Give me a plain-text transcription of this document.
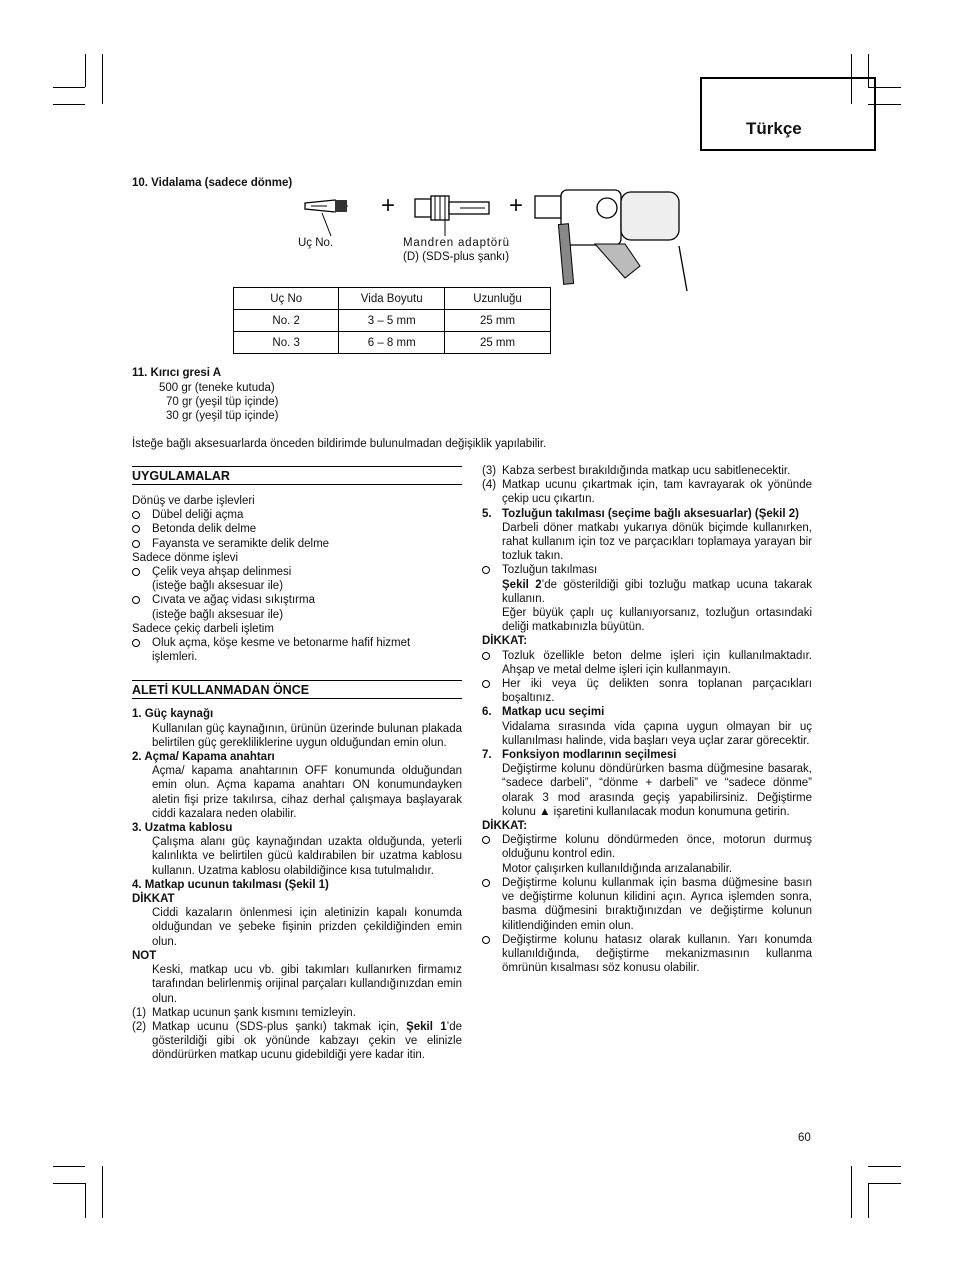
Türkçe
10. Vidalama (sadece dönme)
+	+
Uç No.	Mandren adaptörü
(D) (SDS-plus şankı)
Uç No	Vida Boyutu	Uzunluğu
No. 2	3 – 5 mm	25 mm
No. 3	6 – 8 mm	25 mm
11. Kırıcı gresi A
500 gr (teneke kutuda)
70 gr (yeşil tüp içinde)
30 gr (yeşil tüp içinde)
İsteğe bağlı aksesuarlarda önceden bildirimde bulunulmadan değişiklik yapılabilir.
UYGULAMALAR
Dönüş ve darbe işlevleri
Dübel deliği açma
Betonda delik delme
Fayansta ve seramikte delik delme
Sadece dönme işlevi
Çelik veya ahşap delinmesi
(isteğe bağlı aksesuar ile)
Cıvata ve ağaç vidası sıkıştırma
(isteğe bağlı aksesuar ile)
Sadece çekiç darbeli işletim
Oluk açma, köşe kesme ve betonarme hafif hizmet
işlemleri.
ALETİ KULLANMADAN ÖNCE
1. Güç kaynağı
Kullanılan güç kaynağının, ürünün üzerinde bulunan plakada belirtilen güç gerekliliklerine uygun olduğundan emin olun.
2. Açma/ Kapama anahtarı
Açma/ kapama anahtarının OFF konumunda olduğundan emin olun. Açma kapama anahtarı ON konumundayken aletin fişi prize takılırsa, cihaz derhal çalışmaya başlayarak ciddi kazalara neden olabilir.
3. Uzatma kablosu
Çalışma alanı güç kaynağından uzakta olduğunda, yeterli kalınlıkta ve belirtilen gücü kaldırabilen bir uzatma kablosu kullanın. Uzatma kablosu olabildiğince kısa tutulmalıdır.
4. Matkap ucunun takılması (Şekil 1)
DİKKAT
Ciddi kazaların önlenmesi için aletinizin kapalı konumda olduğundan ve şebeke fişinin prizden çekildiğinden emin olun.
NOT
Keski, matkap ucu vb. gibi takımları kullanırken firmamız tarafından belirlenmiş orijinal parçaları kullandığınızdan emin olun.
(1) Matkap ucunun şank kısmını temizleyin.
(2) Matkap ucunu (SDS-plus şankı) takmak için, Şekil 1’de gösterildiği gibi ok yönünde kabzayı çekin ve elinizle döndürürken matkap ucunu gidebildiği yere kadar itin.
(3) Kabza serbest bırakıldığında matkap ucu sabitlenecektir.
(4) Matkap ucunu çıkartmak için, tam kavrayarak ok yönünde çekip ucu çıkartın.
5. Tozluğun takılması (seçime bağlı aksesuarlar) (Şekil 2)
Darbeli döner matkabı yukarıya dönük biçimde kullanırken, rahat kullanım için toz ve parçacıkları toplamaya yarayan bir tozluk takın.
Tozluğun takılması
Şekil 2’de gösterildiği gibi tozluğu matkap ucuna takarak kullanın.
Eğer büyük çaplı uç kullanıyorsanız, tozluğun ortasındaki deliği matkabınızla büyütün.
DİKKAT:
Tozluk özellikle beton delme işleri için kullanılmaktadır. Ahşap ve metal delme işleri için kullanmayın.
Her iki veya üç delikten sonra toplanan parçacıkları boşaltınız.
6. Matkap ucu seçimi
Vidalama sırasında vida çapına uygun olmayan bir uç kullanılması halinde, vida başları veya uçlar zarar görecektir.
7. Fonksiyon modlarının seçilmesi
Değiştirme kolunu döndürürken basma düğmesine basarak, “sadece darbeli”, “dönme + darbeli” ve “sadece dönme” olarak 3 mod arasında geçiş yapabilirsiniz. Değiştirme kolunu ▲ işaretini kullanılacak modun konumuna getirin.
DİKKAT:
Değiştirme kolunu döndürmeden önce, motorun durmuş olduğunu kontrol edin.
Motor çalışırken kullanıldığında arızalanabilir.
Değiştirme kolunu kullanmak için basma düğmesine basın ve değiştirme kolunun kilidini açın. Ayrıca işlemden sonra, basma düğmesini bıraktığınızdan ve değiştirme kolunun kilitlendiğinden emin olun.
Değiştirme kolunu hatasız olarak kullanın. Yarı konumda kullanıldığında, değiştirme mekanizmasının kullanma ömrünün kısalması söz konusu olabilir.
60
